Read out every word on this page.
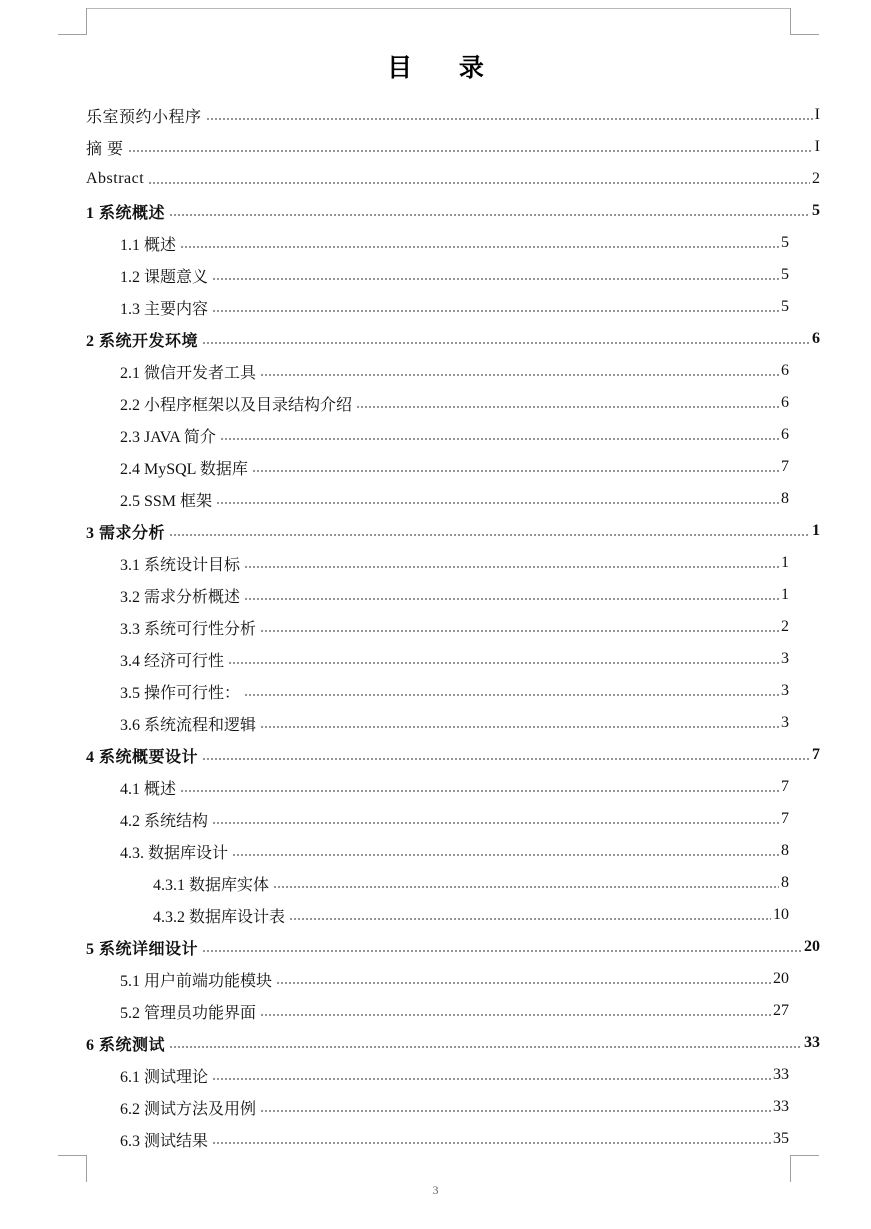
目 录
乐室预约小程序	I
摘 要	I
Abstract	2
1 系统概述	5
1.1 概述	5
1.2 课题意义	5
1.3 主要内容	5
2 系统开发环境	6
2.1 微信开发者工具	6
2.2 小程序框架以及目录结构介绍	6
2.3 JAVA 简介	6
2.4 MySQL 数据库	7
2.5 SSM 框架	8
3 需求分析	1
3.1 系统设计目标	1
3.2 需求分析概述	1
3.3 系统可行性分析	2
3.4 经济可行性	3
3.5 操作可行性：	3
3.6 系统流程和逻辑	3
4 系统概要设计	7
4.1 概述	7
4.2 系统结构	7
4.3. 数据库设计	8
4.3.1 数据库实体	8
4.3.2 数据库设计表	10
5 系统详细设计	20
5.1 用户前端功能模块	20
5.2 管理员功能界面	27
6 系统测试	33
6.1 测试理论	33
6.2 测试方法及用例	33
6.3 测试结果	35
3
